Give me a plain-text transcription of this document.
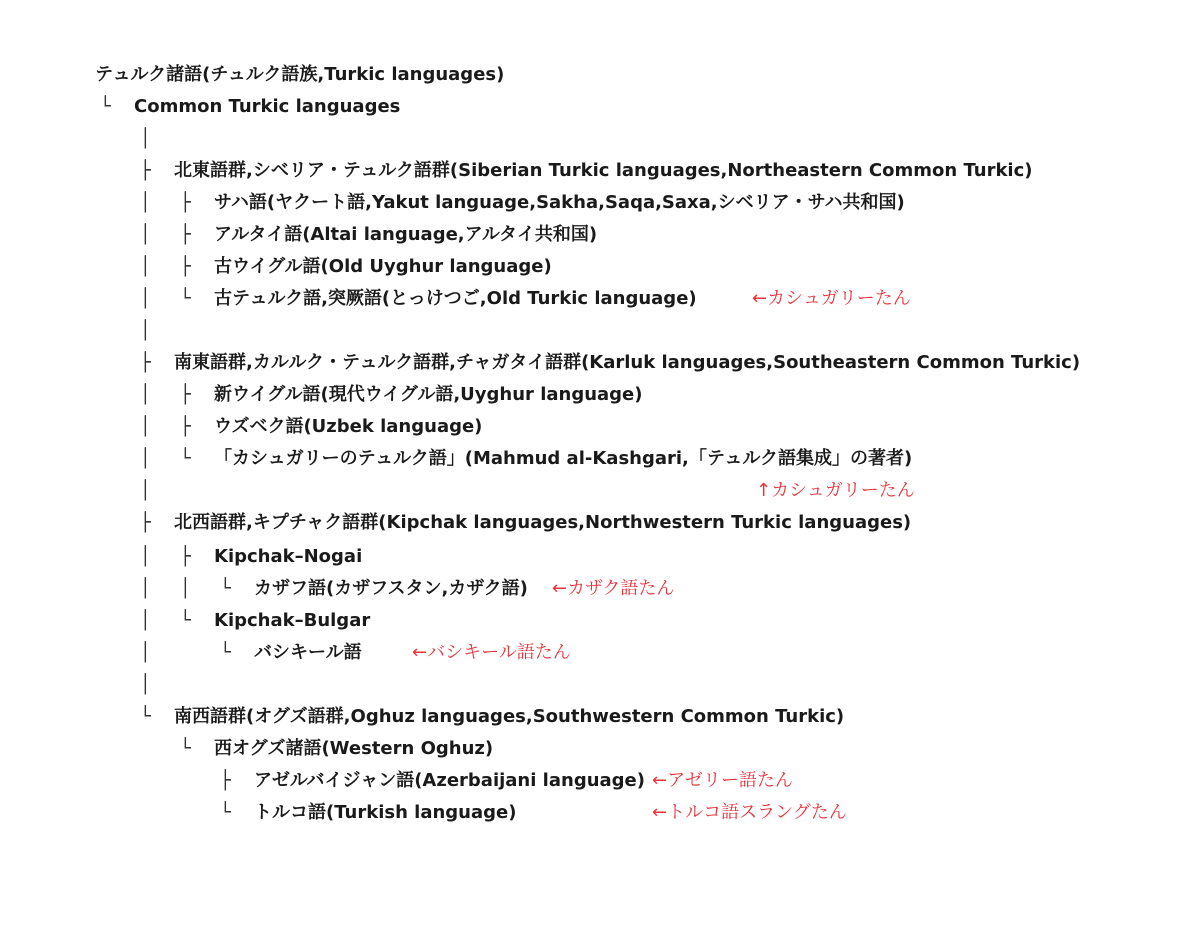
テュルク諸語(チュルク語族,Turkic languages)
└ Common Turkic languages
│
├ 北東語群,シベリア・テュルク語群(Siberian Turkic languages,Northeastern Common Turkic)
│ ├ サハ語(ヤクート語,Yakut language,Sakha,Saqa,Saxa,シベリア・サハ共和国)
│ ├ アルタイ語(Altai language,アルタイ共和国)
│ ├ 古ウイグル語(Old Uyghur language)
│ └ 古テュルク語,突厥語(とっけつご,Old Turkic language)	←カシュガリーたん
│
├ 南東語群,カルルク・テュルク語群,チャガタイ語群(Karluk languages,Southeastern Common Turkic)
│ ├ 新ウイグル語(現代ウイグル語,Uyghur language)
│ ├ ウズベク語(Uzbek language)
│ └ 「カシュガリーのテュルク語」(Mahmud al-Kashgari,「テュルク語集成」の著者)
│	↑カシュガリーたん
├ 北西語群,キプチャク語群(Kipchak languages,Northwestern Turkic languages)
│ ├ Kipchak–Nogai
│ │ └ カザフ語(カザフスタン,カザク語) ←カザク語たん
│ └ Kipchak–Bulgar
│	└ バシキール語	←バシキール語たん
│
└ 南西語群(オグズ語群,Oghuz languages,Southwestern Common Turkic)
└ 西オグズ諸語(Western Oghuz)
├ アゼルバイジャン語(Azerbaijani language) ←アゼリー語たん
└ トルコ語(Turkish language)	←トルコ語スラングたん
